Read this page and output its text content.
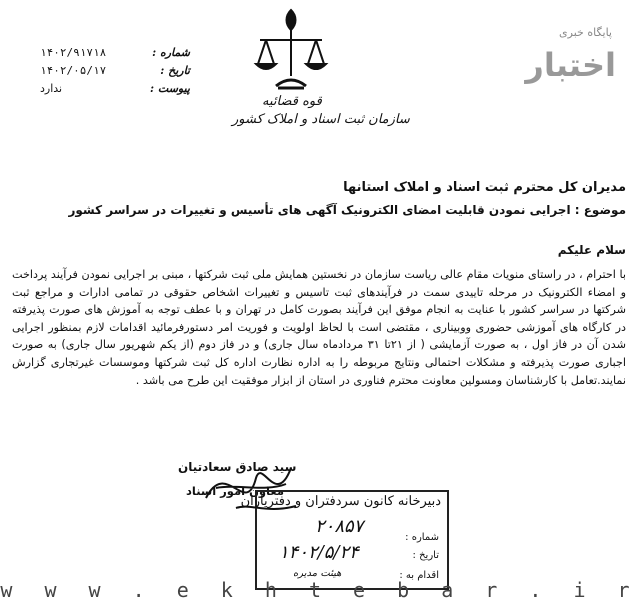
قوه قضائیه
سازمان ثبت اسناد و املاک کشور
شماره :
۱۴۰۲/۹۱۷۱۸
تاریخ :
۱۴۰۲/۰۵/۱۷
پیوست :
ندارد
پایگاه خبری
اختبار
مدیران کل محترم ثبت اسناد و املاک استانها
موضوع : اجرایی نمودن قابلیت امضای الکترونیک آگهی های تأسیس و تغییرات در سراسر کشور
سلام علیکم
با احترام ، در راستای منویات مقام عالی ریاست سازمان در نخستین همایش ملی ثبت شرکتها ، مبنی بر اجرایی نمودن فرآیند پرداخت و امضاء الکترونیک در مرحله تاییدی سمت در فرآیندهای ثبت تاسیس و تغییرات اشخاص حقوقی در تمامی ادارات و مراجع ثبت شرکتها در سراسر کشور با عنایت به انجام موفق این فرآیند بصورت کامل در تهران و با عطف توجه به آموزش های صورت پذیرفته در کارگاه های آموزشی حضوری ووبیناری ، مقتضی است با لحاظ اولویت و فوریت امر دستورفرمائید اقدامات لازم بمنظور اجرایی شدن آن در فاز اول ، به صورت آزمایشی ( از ۲۱تا ۳۱ مردادماه سال جاری) و در فاز دوم (از یکم شهریور سال جاری) به صورت اجباری صورت پذیرفته و مشکلات احتمالی ونتایج مربوطه را به اداره نظارت اداره کل ثبت شرکتها وموسسات غیرتجاری گزارش نمایند.تعامل با کارشناسان ومسولین معاونت محترم فناوری در استان از ابزار موفقیت این طرح می باشد .
سید صادق سعادتیان
معاون امور اسناد
دبیرخانه کانون سردفتران و دفتریاران
شماره :
۲۰۸۵۷
تاریخ :
۱۴۰۲/۵/۲۴
اقدام به :
هیئت مدیره
w w w . e k h t e b a r . i r
